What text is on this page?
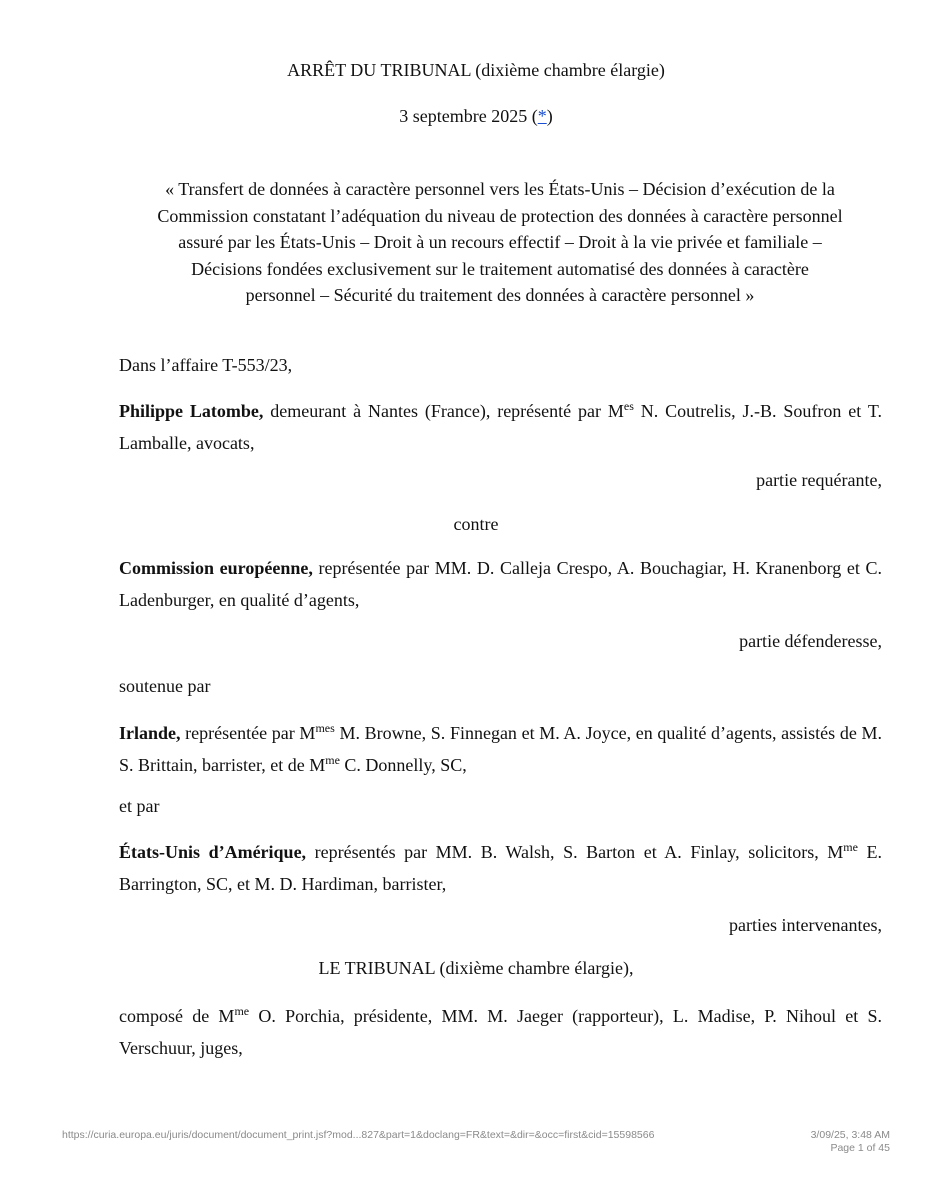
ARRÊT DU TRIBUNAL (dixième chambre élargie)
3 septembre 2025 (*)
« Transfert de données à caractère personnel vers les États-Unis – Décision d’exécution de la
Commission constatant l’adéquation du niveau de protection des données à caractère personnel
assuré par les États-Unis – Droit à un recours effectif – Droit à la vie privée et familiale –
Décisions fondées exclusivement sur le traitement automatisé des données à caractère
personnel – Sécurité du traitement des données à caractère personnel »
Dans l’affaire T-553/23,
Philippe Latombe, demeurant à Nantes (France), représenté par $M^{es}$ N. Coutrelis, J.-B. Soufron et T. Lamballe, avocats,
partie requérante,
contre
Commission européenne, représentée par MM. D. Calleja Crespo, A. Bouchagiar, H. Kranenborg et C. Ladenburger, en qualité d’agents,
partie défenderesse,
soutenue par
Irlande, représentée par $M^{mes}$ M. Browne, S. Finnegan et M. A. Joyce, en qualité d’agents, assistés de M. S. Brittain, barrister, et de $M^{me}$ C. Donnelly, SC,
et par
États-Unis d’Amérique, représentés par MM. B. Walsh, S. Barton et A. Finlay, solicitors, $M^{me}$ E. Barrington, SC, et M. D. Hardiman, barrister,
parties intervenantes,
LE TRIBUNAL (dixième chambre élargie),
composé de $M^{me}$ O. Porchia, présidente, MM. M. Jaeger (rapporteur), L. Madise, P. Nihoul et S. Verschuur, juges,
https://curia.europa.eu/juris/document/document_print.jsf?mod...827&part=1&doclang=FR&text=&dir=&occ=first&cid=15598566	3/09/25, 3:48 AM
Page 1 of 45
